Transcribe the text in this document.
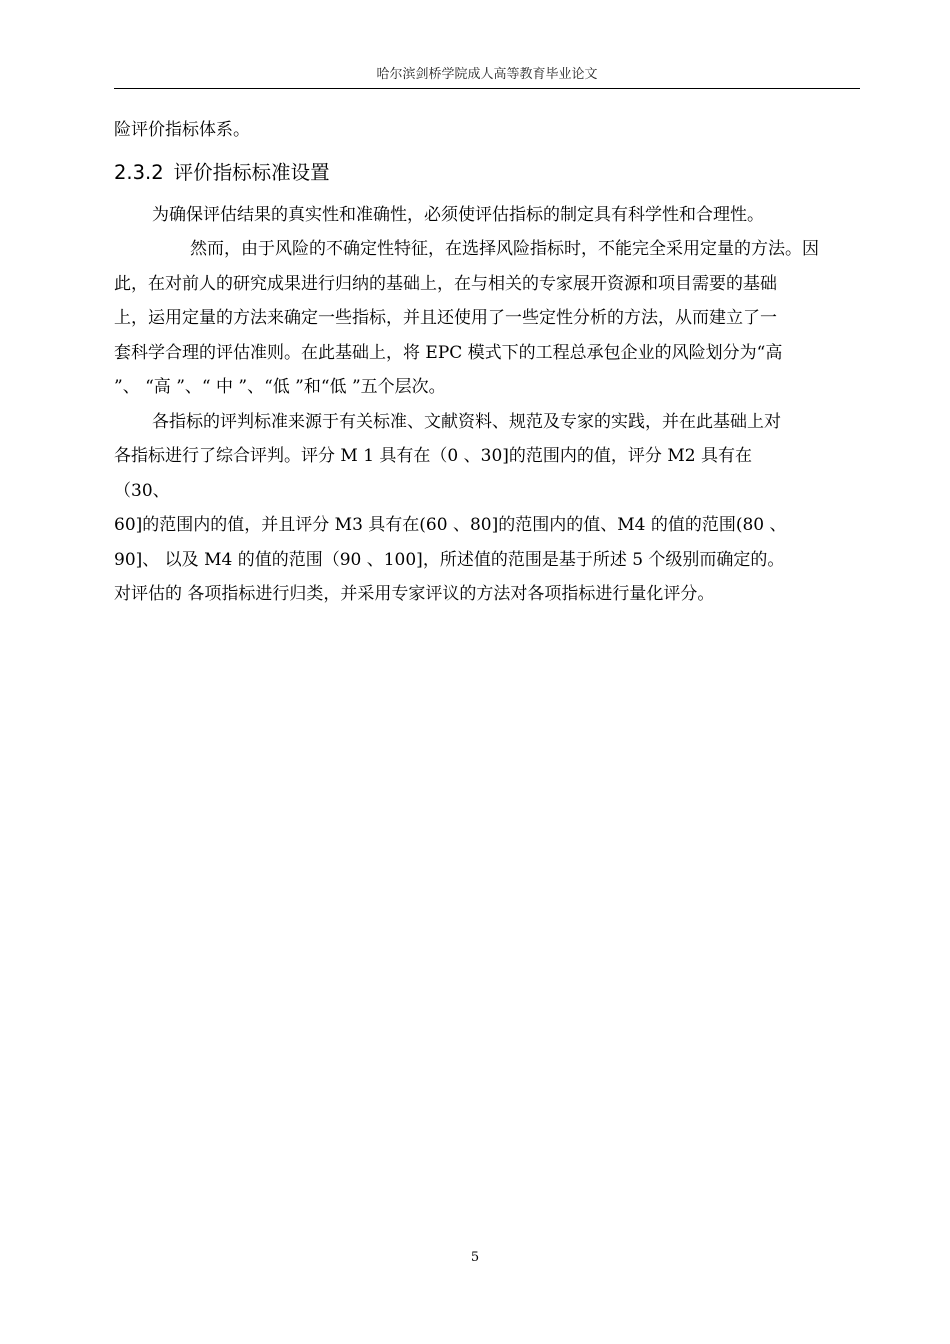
哈尔滨剑桥学院成人高等教育毕业论文

险评价指标体系。

2.3.2 评价指标标准设置

为确保评估结果的真实性和准确性，必须使评估指标的制定具有科学性和合理性。

然而，由于风险的不确定性特征，在选择风险指标时，不能完全采用定量的方法。因
此，在对前人的研究成果进行归纳的基础上，在与相关的专家展开资源和项目需要的基础
上，运用定量的方法来确定一些指标，并且还使用了一些定性分析的方法，从而建立了一
套科学合理的评估准则。在此基础上，将 EPC 模式下的工程总承包企业的风险划分为“高
”、 “高 ”、“ 中 ”、“低 ”和“低 ”五个层次。

各指标的评判标准来源于有关标准、文献资料、规范及专家的实践，并在此基础上对
各指标进行了综合评判。评分 M 1 具有在（0 、30]的范围内的值，评分 M2 具有在
（30、
60]的范围内的值，并且评分 M3 具有在(60 、80]的范围内的值、M4 的值的范围(80 、
90]、 以及 M4 的值的范围（90 、100]，所述值的范围是基于所述 5 个级别而确定的。
对评估的 各项指标进行归类，并采用专家评议的方法对各项指标进行量化评分。

5
